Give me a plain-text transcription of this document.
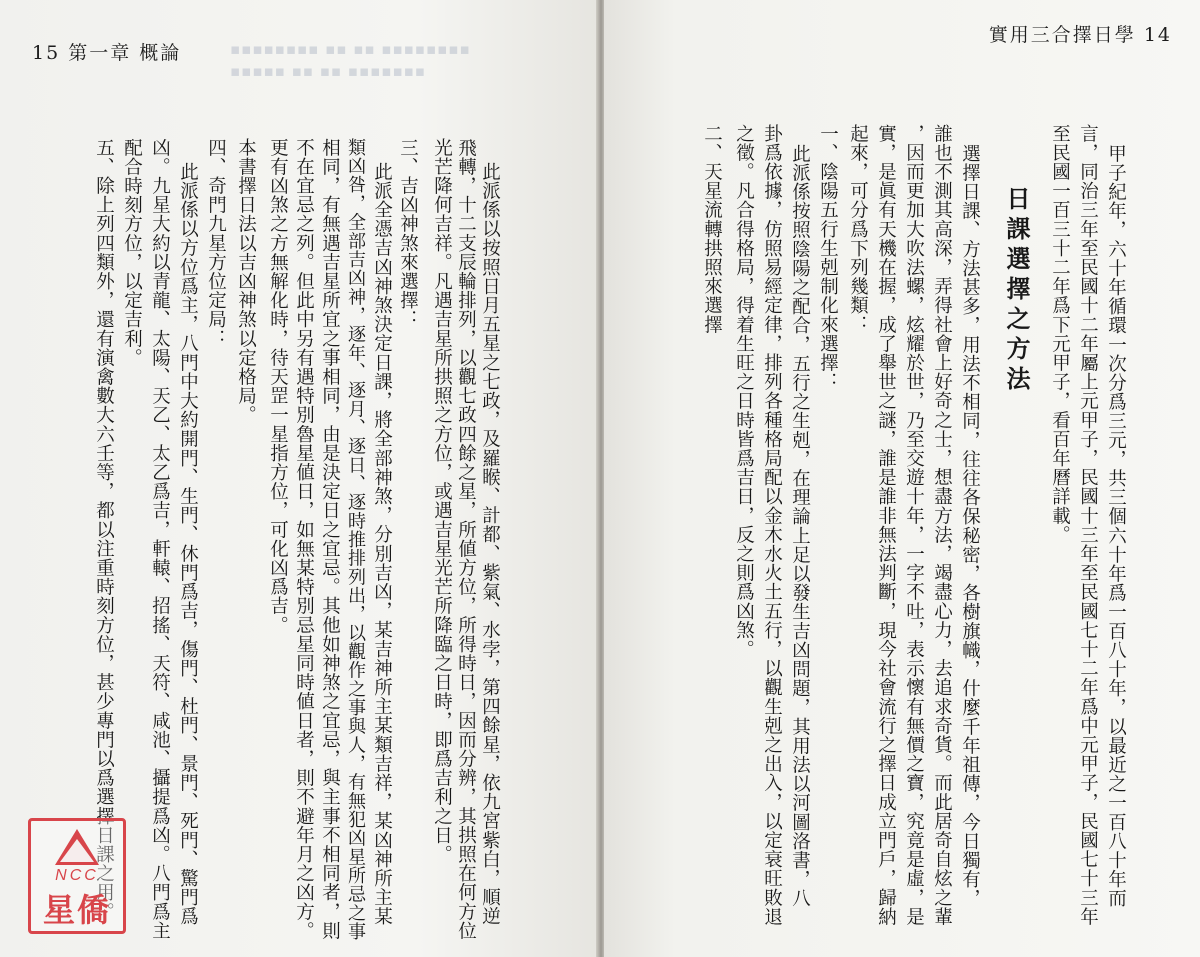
▪▪▪▪▪▪▪▪ ▪▪ ▪▪ ▪▪▪▪▪▪▪▪
▪▪▪▪▪ ▪▪ ▪▪ ▪▪▪▪▪▪▪
15 第一章 概論
實用三合擇日學 14
此派係以按照日月五星之七政，及羅睺、計都、紫氣、水孛，第四餘星，依九宮紫白，順逆
飛轉，十二支辰輪排列，以觀七政四餘之星，所値方位，所得時日，因而分辨，其拱照在何方位
光芒降何吉祥。凡遇吉星所拱照之方位，或遇吉星光芒所降臨之日時，即爲吉利之日。
三、吉凶神煞來選擇：
此派全憑吉凶神煞決定日課，將全部神煞，分別吉凶，某吉神所主某類吉祥，某凶神所主某
類凶咎，全部吉凶神，逐年、逐月、逐日、逐時推排列出，以觀作之事與人，有無犯凶星所忌之事
相同，有無遇吉星所宜之事相同，由是決定日之宜忌。其他如神煞之宜忌，與主事不相同者，則
不在宜忌之列。但此中另有遇特別魯星値日，如無某特別忌星同時値日者，則不避年月之凶方。
更有凶煞之方無解化時，待天罡一星指方位，可化凶爲吉。
本書擇日法以吉凶神煞以定格局。
四、奇門九星方位定局：
此派係以方位爲主，八門中大約開門、生門、休門爲吉，傷門、杜門、景門、死門、驚門爲
凶。九星大約以青龍、太陽、天乙、太乙爲吉，軒轅、招搖、天符、咸池、攝提爲凶。八門爲主
配合時刻方位，以定吉利。
五、除上列四類外，還有演禽數大六壬等，都以注重時刻方位，甚少專門以爲選擇日課之用。	甲子紀年，六十年循環一次分爲三元，共三個六十年爲一百八十年，以最近之一百八十年而
言，同治三年至民國十二年屬上元甲子，民國十三年至民國七十二年爲中元甲子，民國七十三年
至民國一百三十二年爲下元甲子，看百年曆詳載。
日課選擇之方法
選擇日課、方法甚多，用法不相同，往往各保秘密，各樹旗幟，什麼千年祖傳，今日獨有，
誰也不測其高深，弄得社會上好奇之士，想盡方法，竭盡心力，去追求奇貨。而此居奇自炫之輩
，因而更加大吹法螺，炫耀於世，乃至交遊十年，一字不吐，表示懷有無價之寶，究竟是虛，是
實，是眞有天機在握，成了舉世之謎，誰是誰非無法判斷，現今社會流行之擇日成立門戶，歸納
起來，可分爲下列幾類：
一、陰陽五行生剋制化來選擇：
此派係按照陰陽之配合，五行之生剋，在理論上足以發生吉凶問題，其用法以河圖洛書，八
卦爲依據，仿照易經定律，排列各種格局配以金木水火土五行，以觀生剋之出入，以定衰旺敗退
之徵。凡合得格局，得着生旺之日時皆爲吉日，反之則爲凶煞。
二、天星流轉拱照來選擇
NCC
星僑
